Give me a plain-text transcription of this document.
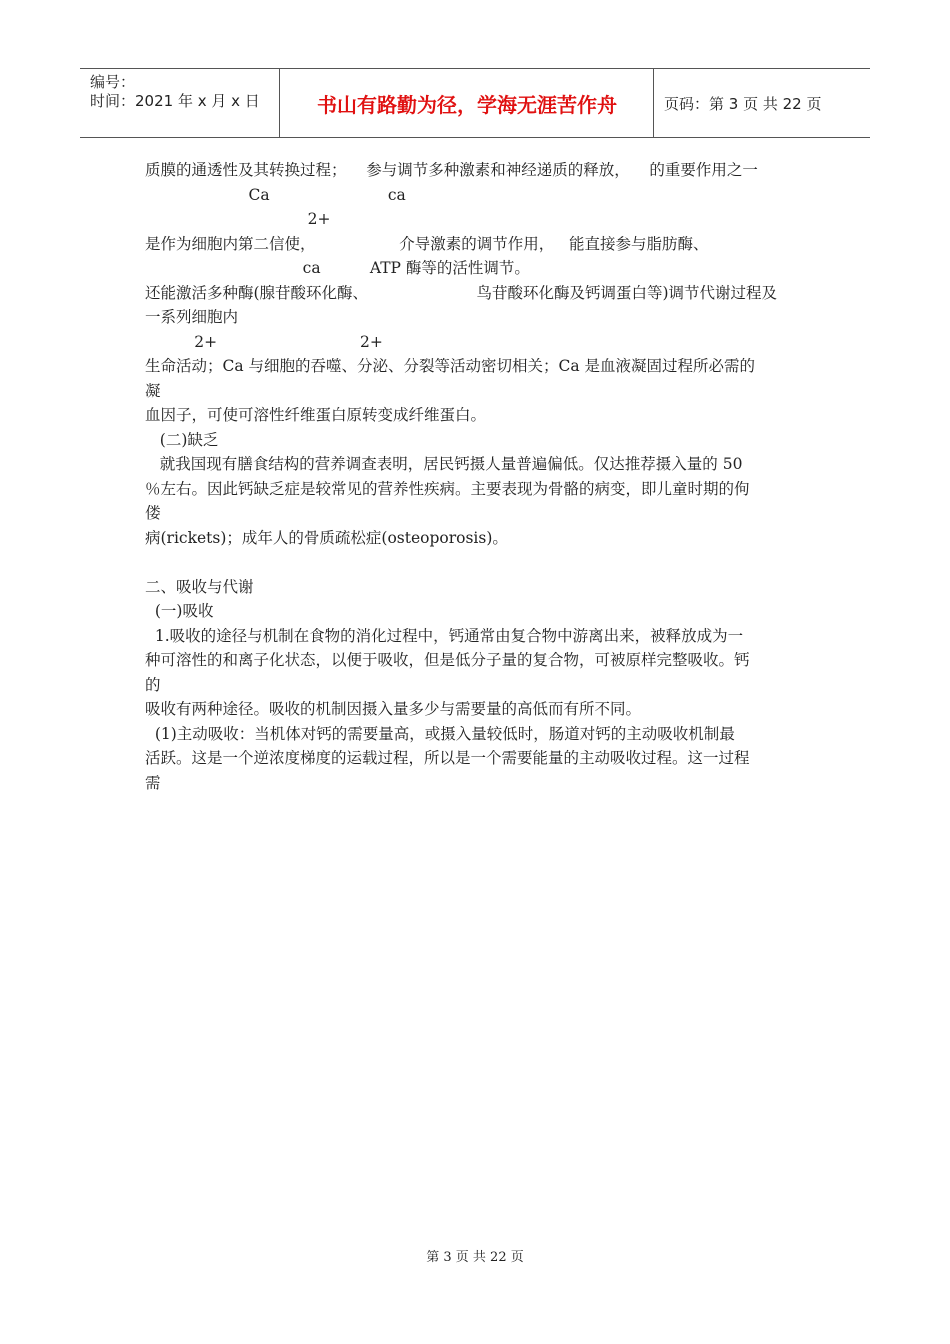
编号：
时间：2021 年 x 月 x 日	书山有路勤为径，学海无涯苦作舟	页码：第 3 页 共 22 页
质膜的通透性及其转换过程；    参与调节多种激素和神经递质的释放，    的重要作用之一
Ca                        ca
2+
是作为细胞内第二信使，                 介导激素的调节作用，   能直接参与脂肪酶、
ca          ATP 酶等的活性调节。
还能激活多种酶(腺苷酸环化酶、                      鸟苷酸环化酶及钙调蛋白等)调节代谢过程及
一系列细胞内
2+                             2+
生命活动；Ca 与细胞的吞噬、分泌、分裂等活动密切相关；Ca 是血液凝固过程所必需的
凝
血因子，可使可溶性纤维蛋白原转变成纤维蛋白。
(二)缺乏
就我国现有膳食结构的营养调查表明，居民钙摄人量普遍偏低。仅达推荐摄入量的 50
％左右。因此钙缺乏症是较常见的营养性疾病。主要表现为骨骼的病变，即儿童时期的佝
偻
病(rickets)；成年人的骨质疏松症(osteoporosis)。
二、吸收与代谢
(一)吸收
1.吸收的途径与机制在食物的消化过程中，钙通常由复合物中游离出来，被释放成为一
种可溶性的和离子化状态，以便于吸收，但是低分子量的复合物，可被原样完整吸收。钙
的
吸收有两种途径。吸收的机制因摄入量多少与需要量的高低而有所不同。
(1)主动吸收：当机体对钙的需要量高，或摄入量较低时，肠道对钙的主动吸收机制最
活跃。这是一个逆浓度梯度的运载过程，所以是一个需要能量的主动吸收过程。这一过程
需
第 3 页 共 22 页
